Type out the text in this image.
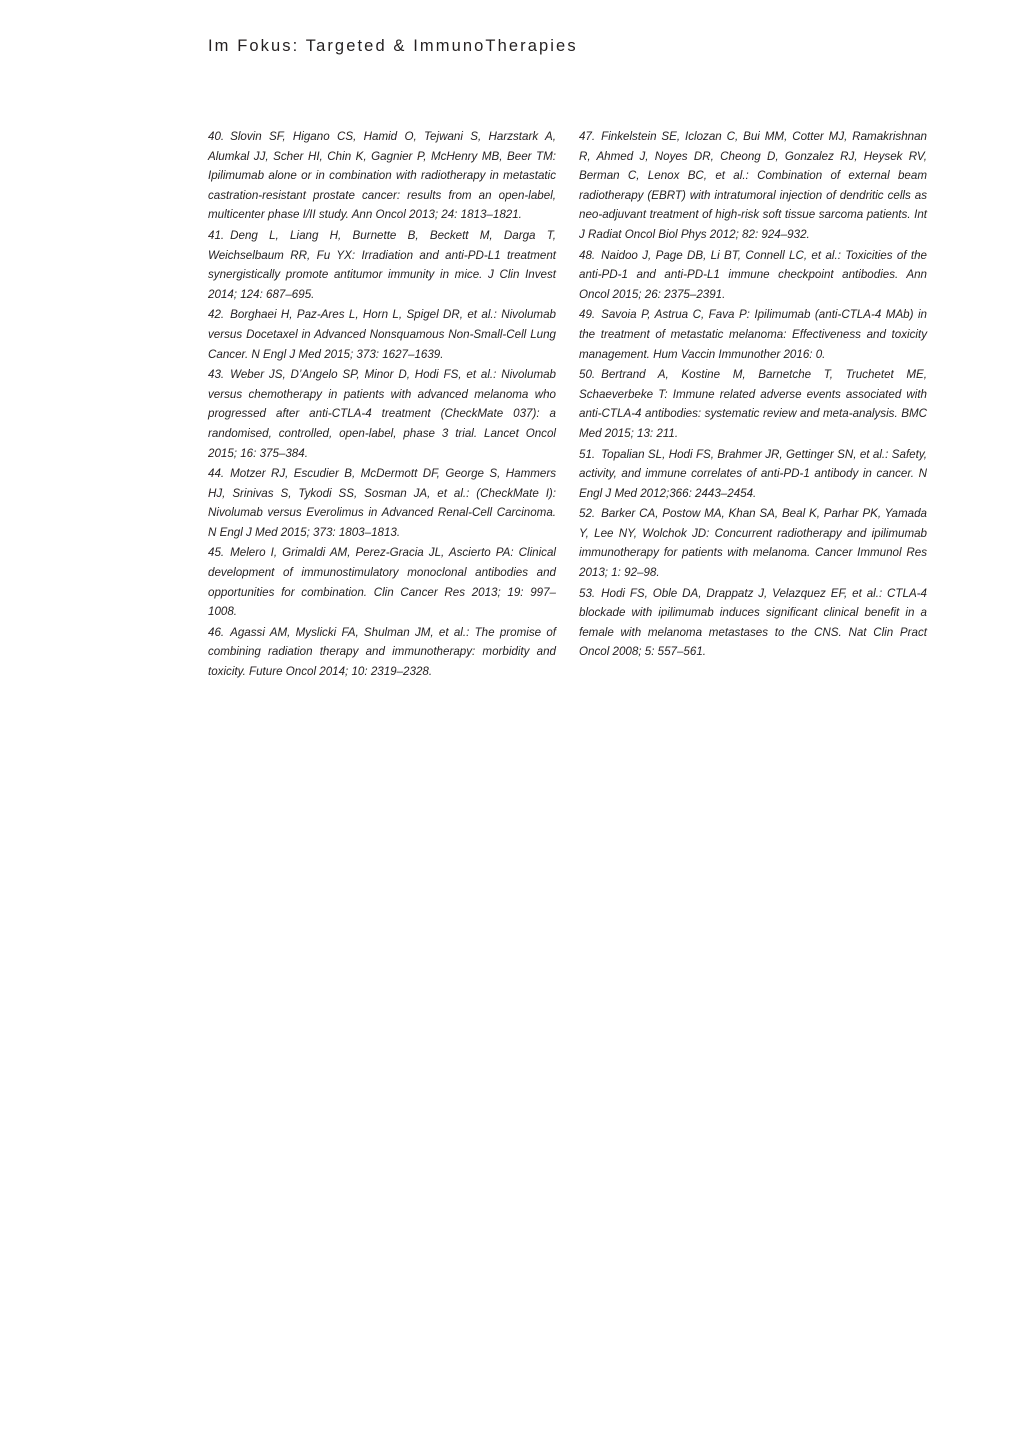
Im Fokus: Targeted & ImmunoTherapies

40. Slovin SF, Higano CS, Hamid O, Tejwani S, Harzstark A, Alumkal JJ, Scher HI, Chin K, Gagnier P, McHenry MB, Beer TM: Ipilimumab alone or in combination with radiotherapy in metastatic castration-resistant prostate cancer: results from an open-label, multicenter phase I/II study. Ann Oncol 2013; 24: 1813–1821.

41. Deng L, Liang H, Burnette B, Beckett M, Darga T, Weichselbaum RR, Fu YX: Irradiation and anti-PD-L1 treatment synergistically promote antitumor immunity in mice. J Clin Invest 2014; 124: 687–695.

42. Borghaei H, Paz-Ares L, Horn L, Spigel DR, et al.: Nivolumab versus Docetaxel in Advanced Nonsquamous Non-Small-Cell Lung Cancer. N Engl J Med 2015; 373: 1627–1639.

43. Weber JS, D’Angelo SP, Minor D, Hodi FS, et al.: Nivolumab versus chemotherapy in patients with advanced melanoma who progressed after anti-CTLA-4 treatment (CheckMate 037): a randomised, controlled, open-label, phase 3 trial. Lancet Oncol 2015; 16: 375–384.

44. Motzer RJ, Escudier B, McDermott DF, George S, Hammers HJ, Srinivas S, Tykodi SS, Sosman JA, et al.: (CheckMate I): Nivolumab versus Everolimus in Advanced Renal-Cell Carcinoma. N Engl J Med 2015; 373: 1803–1813.

45. Melero I, Grimaldi AM, Perez-Gracia JL, Ascierto PA: Clinical development of immunostimulatory monoclonal antibodies and opportunities for combination. Clin Cancer Res 2013; 19: 997–1008.

46. Agassi AM, Myslicki FA, Shulman JM, et al.: The promise of combining radiation therapy and immunotherapy: morbidity and toxicity. Future Oncol 2014; 10: 2319–2328.

47. Finkelstein SE, Iclozan C, Bui MM, Cotter MJ, Ramakrishnan R, Ahmed J, Noyes DR, Cheong D, Gonzalez RJ, Heysek RV, Berman C, Lenox BC, et al.: Combination of external beam radiotherapy (EBRT) with intratumoral injection of dendritic cells as neo-adjuvant treatment of high-risk soft tissue sarcoma patients. Int J Radiat Oncol Biol Phys 2012; 82: 924–932.

48. Naidoo J, Page DB, Li BT, Connell LC, et al.: Toxicities of the anti-PD-1 and anti-PD-L1 immune checkpoint antibodies. Ann Oncol 2015; 26: 2375–2391.

49. Savoia P, Astrua C, Fava P: Ipilimumab (anti-CTLA-4 MAb) in the treatment of metastatic melanoma: Effectiveness and toxicity management. Hum Vaccin Immunother 2016: 0.

50. Bertrand A, Kostine M, Barnetche T, Truchetet ME, Schaeverbeke T: Immune related adverse events associated with anti-CTLA-4 antibodies: systematic review and meta-analysis. BMC Med 2015; 13: 211.

51. Topalian SL, Hodi FS, Brahmer JR, Gettinger SN, et al.: Safety, activity, and immune correlates of anti-PD-1 antibody in cancer. N Engl J Med 2012;366: 2443–2454.

52. Barker CA, Postow MA, Khan SA, Beal K, Parhar PK, Yamada Y, Lee NY, Wolchok JD: Concurrent radiotherapy and ipilimumab immunotherapy for patients with melanoma. Cancer Immunol Res 2013; 1: 92–98.

53. Hodi FS, Oble DA, Drappatz J, Velazquez EF, et al.: CTLA-4 blockade with ipilimumab induces significant clinical benefit in a female with melanoma metastases to the CNS. Nat Clin Pract Oncol 2008; 5: 557–561.
